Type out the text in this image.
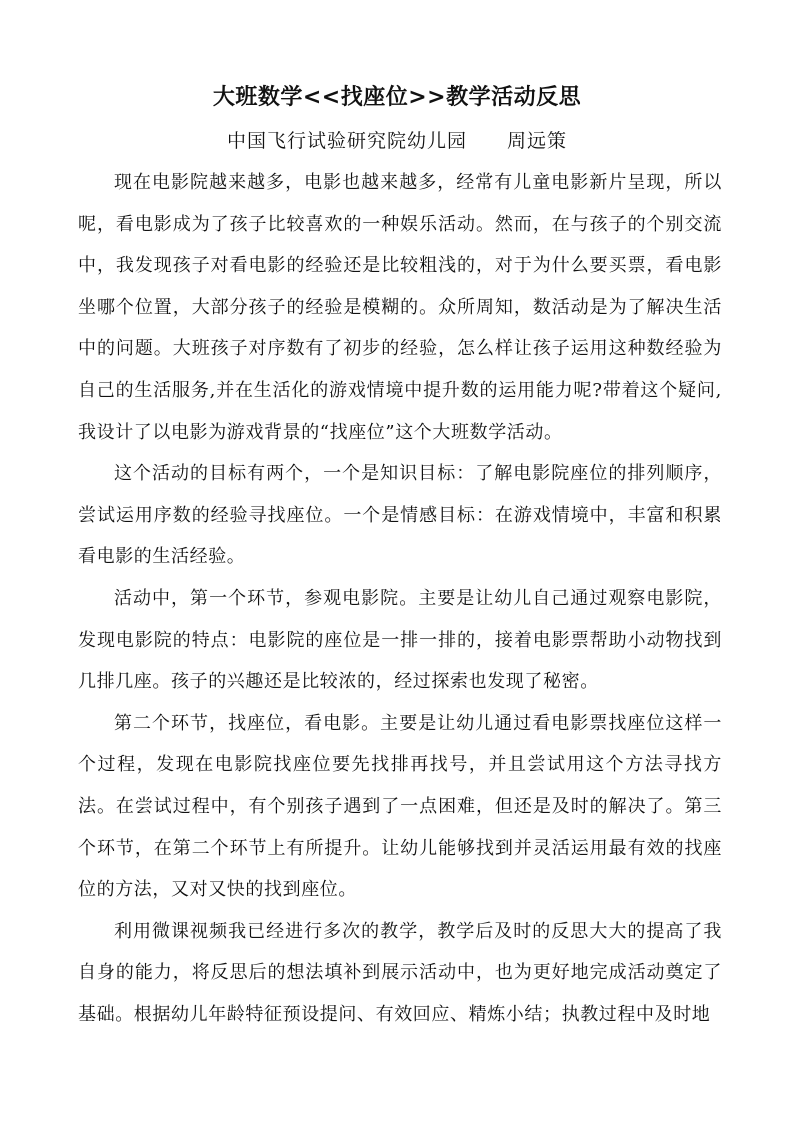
大班数学<<找座位>>教学活动反思
中国飞行试验研究院幼儿园 周远策

现在电影院越来越多，电影也越来越多，经常有儿童电影新片呈现，所以呢，看电影成为了孩子比较喜欢的一种娱乐活动。然而，在与孩子的个别交流中，我发现孩子对看电影的经验还是比较粗浅的，对于为什么要买票，看电影坐哪个位置，大部分孩子的经验是模糊的。众所周知，数活动是为了解决生活中的问题。大班孩子对序数有了初步的经验，怎么样让孩子运用这种数经验为自己的生活服务,并在生活化的游戏情境中提升数的运用能力呢?带着这个疑问,我设计了以电影为游戏背景的“找座位”这个大班数学活动。

这个活动的目标有两个，一个是知识目标：了解电影院座位的排列顺序，尝试运用序数的经验寻找座位。一个是情感目标：在游戏情境中，丰富和积累看电影的生活经验。

活动中，第一个环节，参观电影院。主要是让幼儿自己通过观察电影院，发现电影院的特点：电影院的座位是一排一排的，接着电影票帮助小动物找到几排几座。孩子的兴趣还是比较浓的，经过探索也发现了秘密。

第二个环节，找座位，看电影。主要是让幼儿通过看电影票找座位这样一个过程，发现在电影院找座位要先找排再找号，并且尝试用这个方法寻找方法。在尝试过程中，有个别孩子遇到了一点困难，但还是及时的解决了。第三个环节，在第二个环节上有所提升。让幼儿能够找到并灵活运用最有效的找座位的方法，又对又快的找到座位。

利用微课视频我已经进行多次的教学，教学后及时的反思大大的提高了我自身的能力，将反思后的想法填补到展示活动中，也为更好地完成活动奠定了基础。根据幼儿年龄特征预设提问、有效回应、精炼小结；执教过程中及时地
